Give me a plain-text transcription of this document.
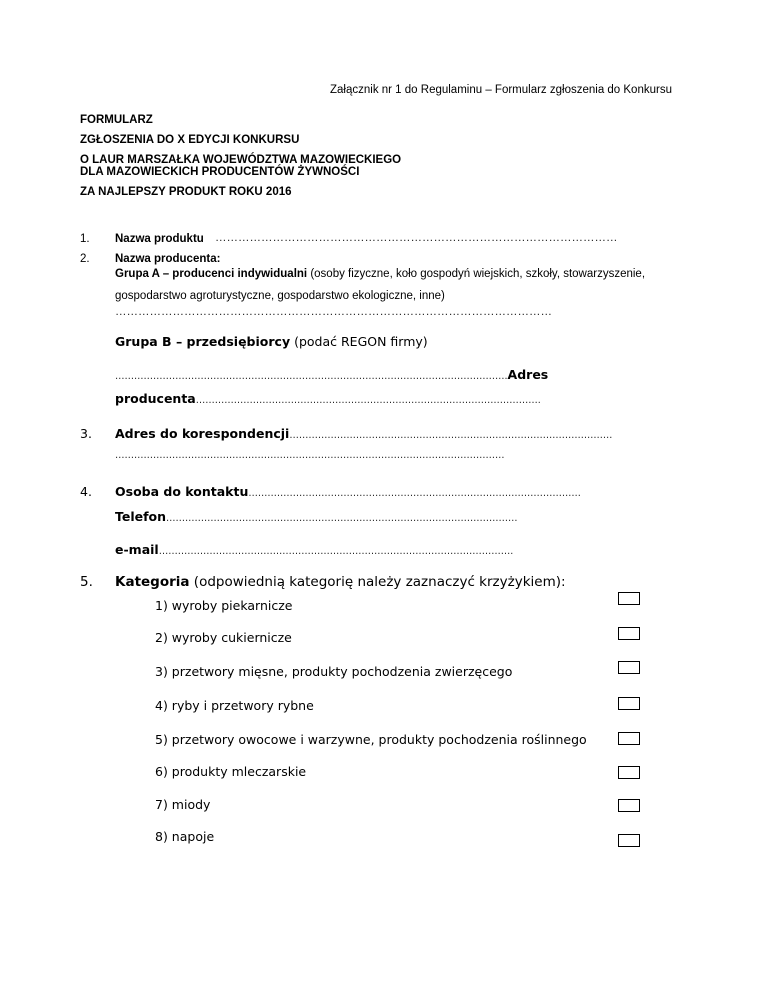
Załącznik nr 1 do Regulaminu – Formularz zgłoszenia do Konkursu
FORMULARZ
ZGŁOSZENIA DO X EDYCJI KONKURSU
O LAUR MARSZAŁKA WOJEWÓDZTWA MAZOWIECKIEGO
DLA MAZOWIECKICH PRODUCENTÓW ŻYWNOŚCI
ZA NAJLEPSZY PRODUKT ROKU 2016
1. Nazwa produktu ……………………………………………………………………………………………
2. Nazwa producenta:
Grupa A – producenci indywidualni (osoby fizyczne, koło gospodyń wiejskich, szkoły, stowarzyszenie,
gospodarstwo agroturystyczne, gospodarstwo ekologiczne, inne)
……………………………………………………………………………………………………
Grupa B – przedsiębiorcy (podać REGON firmy)
…………………………………………………………………………………………………………….Adres
producenta……………………………………………………………………………………………….
3. Adres do korespondencji…………………………………………………………………………………………
……………………………………………………………………………………………………………
4. Osoba do kontaktu……………………………………………………………………………………………
Telefon…………………………………………………………………………………………………
e-mail………………………………………………………………………………………………….
5. Kategoria (odpowiednią kategorię należy zaznaczyć krzyżykiem):
1) wyroby piekarnicze
2) wyroby cukiernicze
3) przetwory mięsne, produkty pochodzenia zwierzęcego
4) ryby i przetwory rybne
5) przetwory owocowe i warzywne, produkty pochodzenia roślinnego
6) produkty mleczarskie
7) miody
8) napoje
